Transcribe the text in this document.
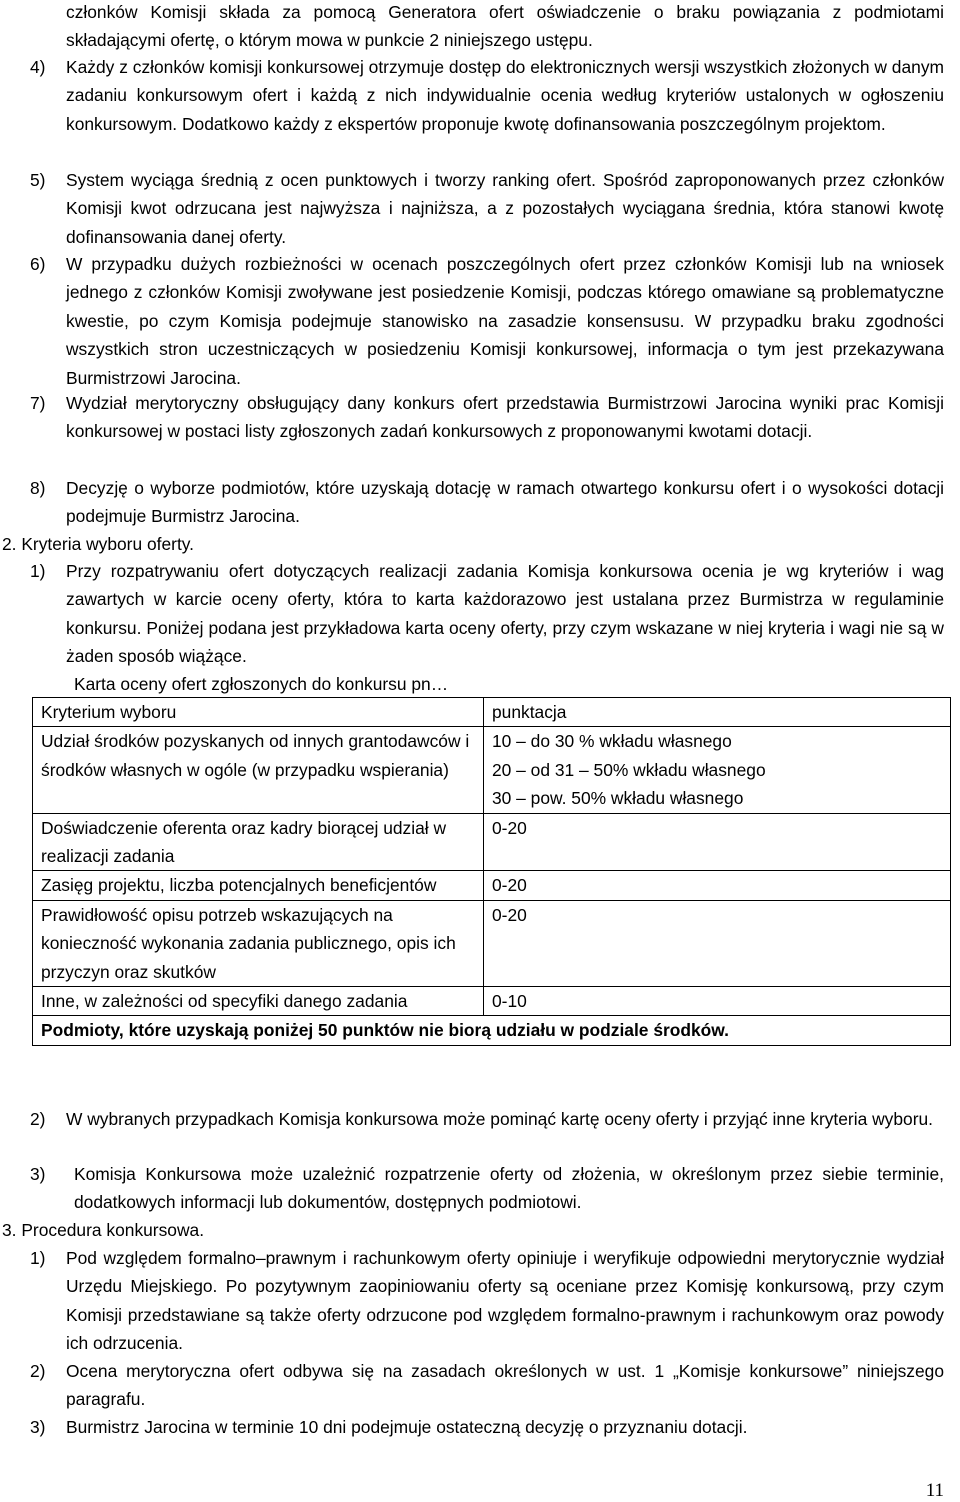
członków Komisji składa za pomocą Generatora ofert oświadczenie o braku powiązania z podmiotami składającymi ofertę, o którym mowa w punkcie 2 niniejszego ustępu.

4) Każdy z członków komisji konkursowej otrzymuje dostęp do elektronicznych wersji wszystkich złożonych w danym zadaniu konkursowym ofert i każdą z nich indywidualnie ocenia według kryteriów ustalonych w ogłoszeniu konkursowym. Dodatkowo każdy z ekspertów proponuje kwotę dofinansowania poszczególnym projektom.

5) System wyciąga średnią z ocen punktowych i tworzy ranking ofert. Spośród zaproponowanych przez członków Komisji kwot odrzucana jest najwyższa i najniższa, a z pozostałych wyciągana średnia, która stanowi kwotę dofinansowania danej oferty.

6) W przypadku dużych rozbieżności w ocenach poszczególnych ofert przez członków Komisji lub na wniosek jednego z członków Komisji zwoływane jest posiedzenie Komisji, podczas którego omawiane są problematyczne kwestie, po czym Komisja podejmuje stanowisko na zasadzie konsensusu. W przypadku braku zgodności wszystkich stron uczestniczących w posiedzeniu Komisji konkursowej, informacja o tym jest przekazywana Burmistrzowi Jarocina.

7) Wydział merytoryczny obsługujący dany konkurs ofert przedstawia Burmistrzowi Jarocina wyniki prac Komisji konkursowej w postaci listy zgłoszonych zadań konkursowych z proponowanymi kwotami dotacji.

8) Decyzję o wyborze podmiotów, które uzyskają dotację w ramach otwartego konkursu ofert i o wysokości dotacji podejmuje Burmistrz Jarocina.

2. Kryteria wyboru oferty.

1) Przy rozpatrywaniu ofert dotyczących realizacji zadania Komisja konkursowa ocenia je wg kryteriów i wag zawartych w karcie oceny oferty, która to karta każdorazowo jest ustalana przez Burmistrza w regulaminie konkursu. Poniżej podana jest przykładowa karta oceny oferty, przy czym wskazane w niej kryteria i wagi nie są w żaden sposób wiążące.

Karta oceny ofert zgłoszonych do konkursu pn…

Kryterium wyboru	punktacja
Udział środków pozyskanych od innych grantodawców i środków własnych w ogóle (w przypadku wspierania)	10 – do 30 % wkładu własnego
20 – od 31 – 50% wkładu własnego
30 – pow. 50% wkładu własnego
Doświadczenie oferenta oraz kadry biorącej udział w realizacji zadania	0-20
Zasięg projektu, liczba potencjalnych beneficjentów	0-20
Prawidłowość opisu potrzeb wskazujących na konieczność wykonania zadania publicznego, opis ich przyczyn oraz skutków	0-20
Inne, w zależności od specyfiki danego zadania	0-10
Podmioty, które uzyskają poniżej 50 punktów nie biorą udziału w podziale środków.	
2) W wybranych przypadkach Komisja konkursowa może pominąć kartę oceny oferty i przyjąć inne kryteria wyboru.

3) Komisja Konkursowa może uzależnić rozpatrzenie oferty od złożenia, w określonym przez siebie terminie, dodatkowych informacji lub dokumentów, dostępnych podmiotowi.

3. Procedura konkursowa.

1) Pod względem formalno–prawnym i rachunkowym oferty opiniuje i weryfikuje odpowiedni merytorycznie wydział Urzędu Miejskiego. Po pozytywnym zaopiniowaniu oferty są oceniane przez Komisję konkursową, przy czym Komisji przedstawiane są także oferty odrzucone pod względem formalno-prawnym i rachunkowym oraz powody ich odrzucenia.

2) Ocena merytoryczna ofert odbywa się na zasadach określonych w ust. 1 „Komisje konkursowe” niniejszego paragrafu.

3) Burmistrz Jarocina w terminie 10 dni podejmuje ostateczną decyzję o przyznaniu dotacji.

11
